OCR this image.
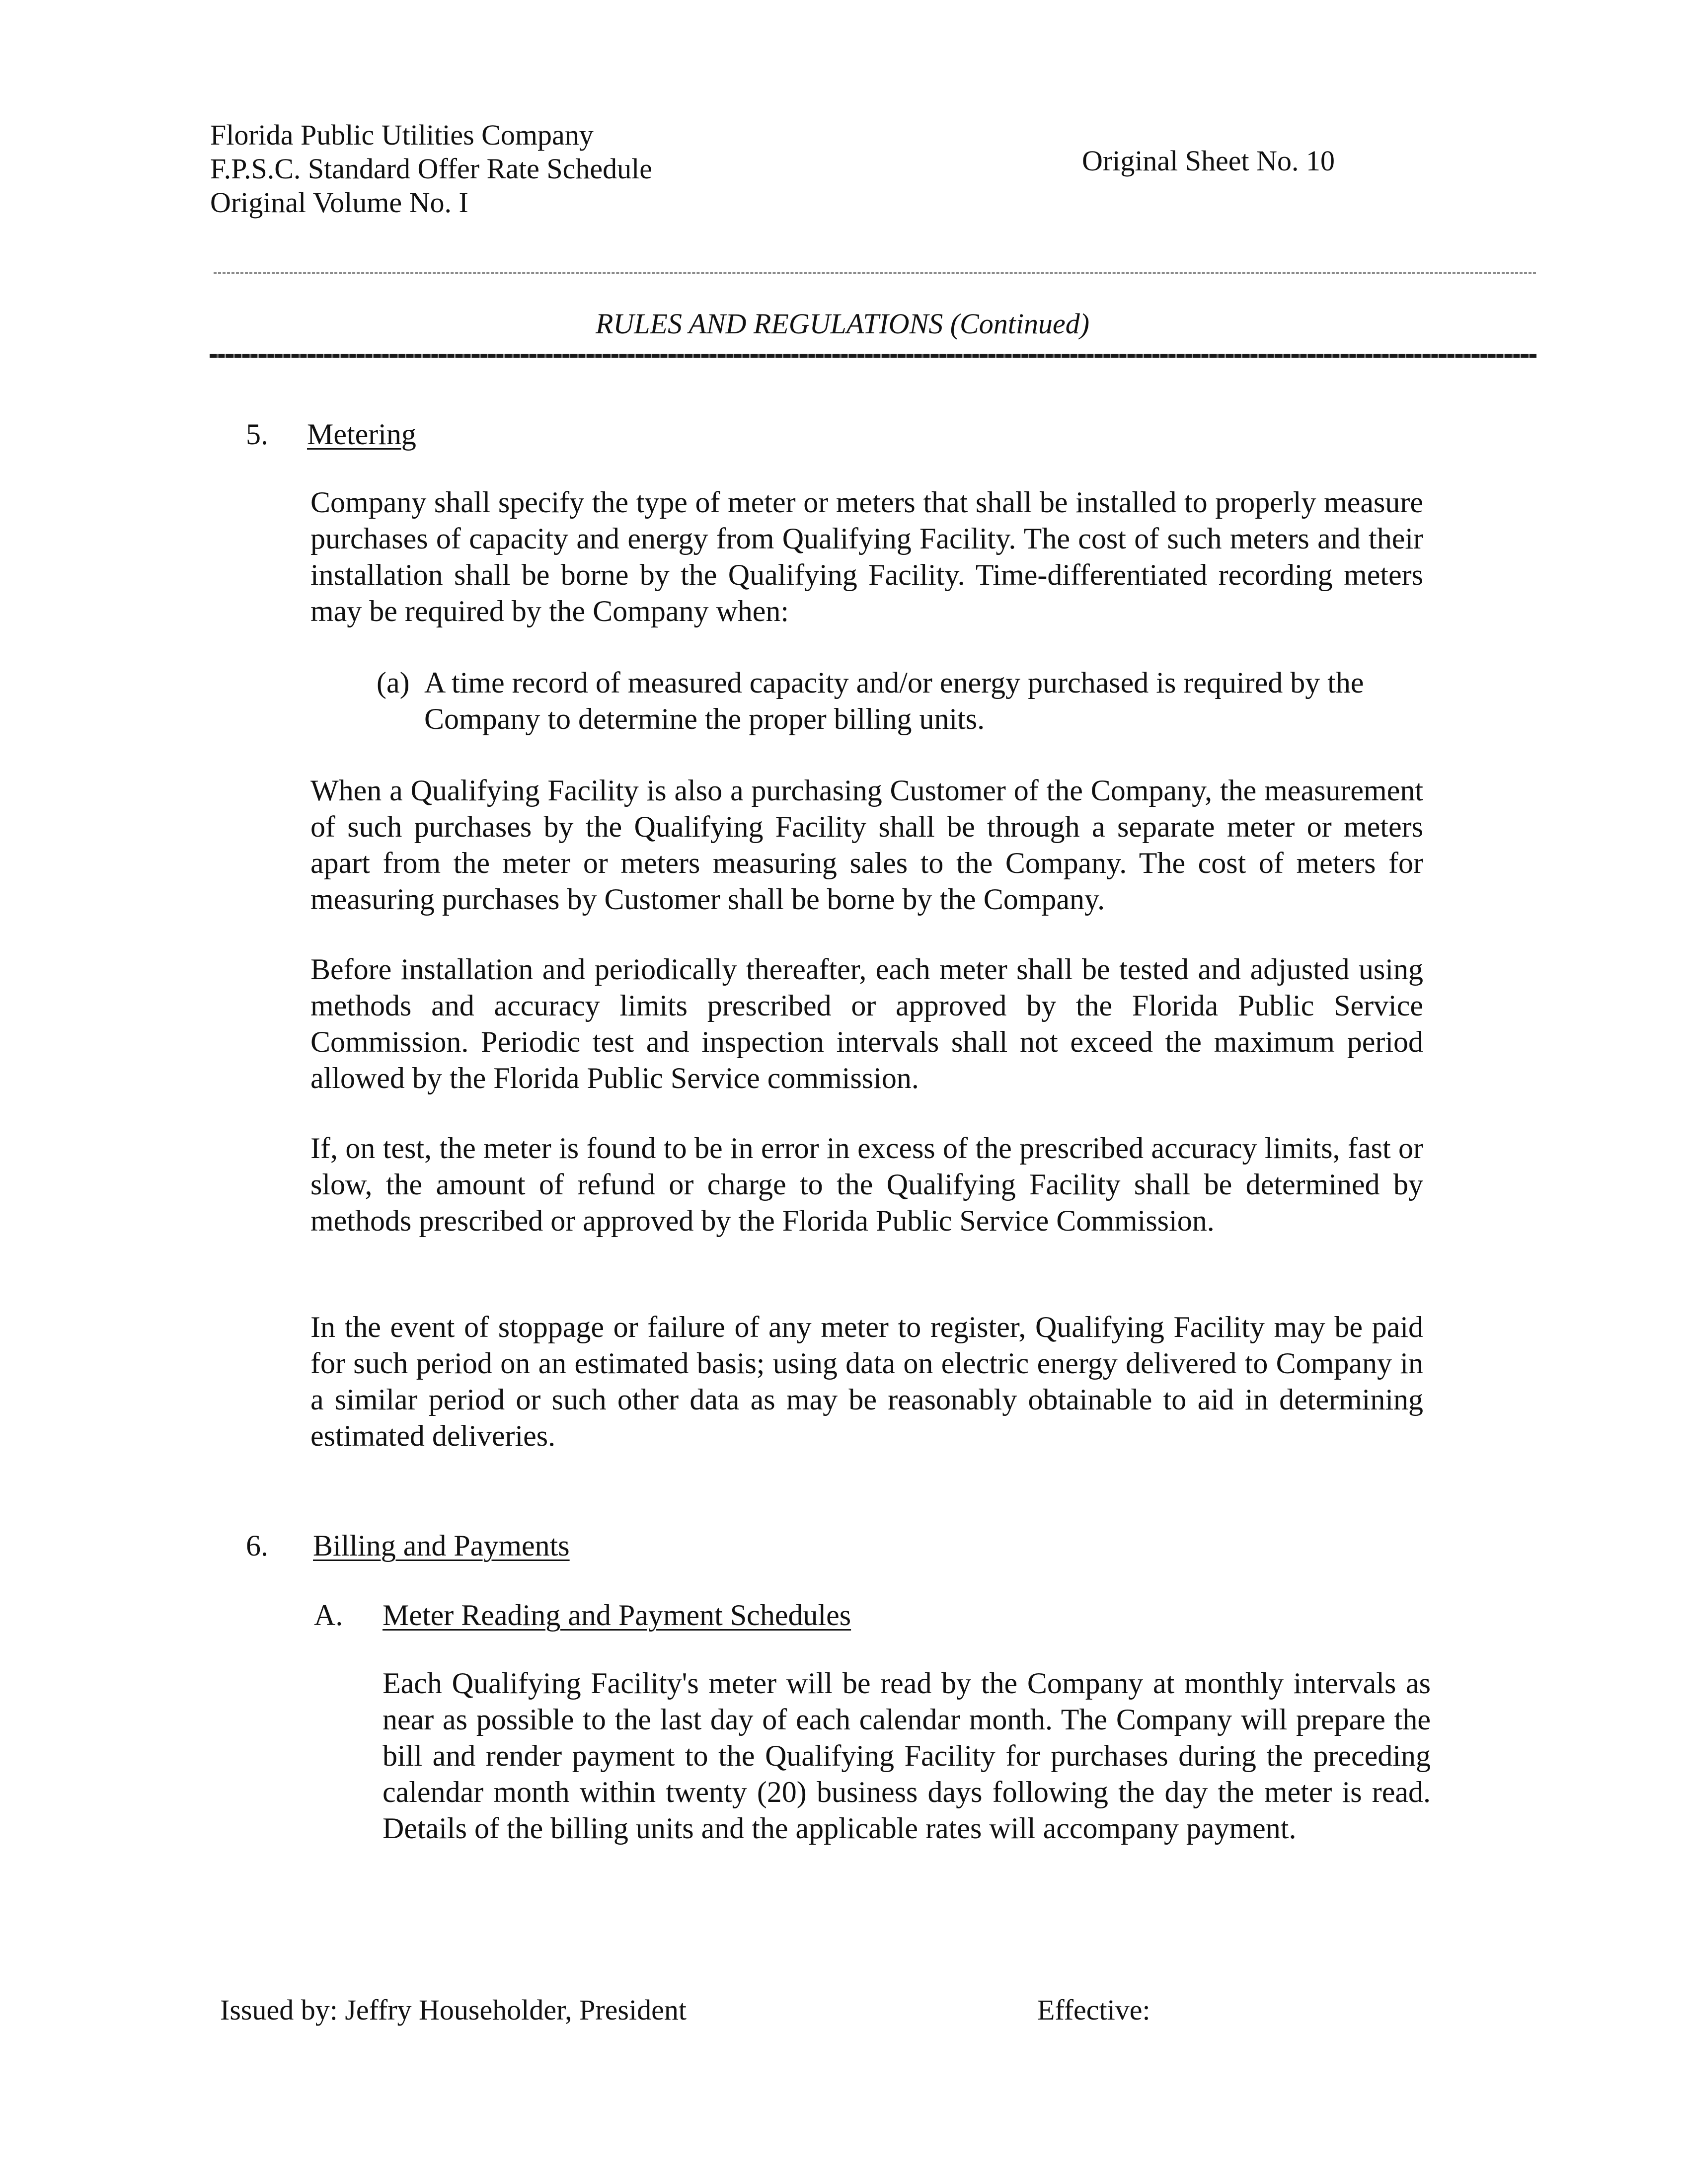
Florida Public Utilities Company
F.P.S.C. Standard Offer Rate Schedule
Original Volume No. I
Original Sheet No. 10
RULES AND REGULATIONS (Continued)
5. Metering
Company shall specify the type of meter or meters that shall be installed to properly measure purchases of capacity and energy from Qualifying Facility. The cost of such meters and their installation shall be borne by the Qualifying Facility. Time-differentiated recording meters may be required by the Company when:
(a) A time record of measured capacity and/or energy purchased is required by the Company to determine the proper billing units.
When a Qualifying Facility is also a purchasing Customer of the Company, the measurement of such purchases by the Qualifying Facility shall be through a separate meter or meters apart from the meter or meters measuring sales to the Company. The cost of meters for measuring purchases by Customer shall be borne by the Company.
Before installation and periodically thereafter, each meter shall be tested and adjusted using methods and accuracy limits prescribed or approved by the Florida Public Service Commission. Periodic test and inspection intervals shall not exceed the maximum period allowed by the Florida Public Service commission.
If, on test, the meter is found to be in error in excess of the prescribed accuracy limits, fast or slow, the amount of refund or charge to the Qualifying Facility shall be determined by methods prescribed or approved by the Florida Public Service Commission.
In the event of stoppage or failure of any meter to register, Qualifying Facility may be paid for such period on an estimated basis; using data on electric energy delivered to Company in a similar period or such other data as may be reasonably obtainable to aid in determining estimated deliveries.
6. Billing and Payments
A. Meter Reading and Payment Schedules
Each Qualifying Facility's meter will be read by the Company at monthly intervals as near as possible to the last day of each calendar month. The Company will prepare the bill and render payment to the Qualifying Facility for purchases during the preceding calendar month within twenty (20) business days following the day the meter is read. Details of the billing units and the applicable rates will accompany payment.
Issued by: Jeffry Householder, President	Effective:
